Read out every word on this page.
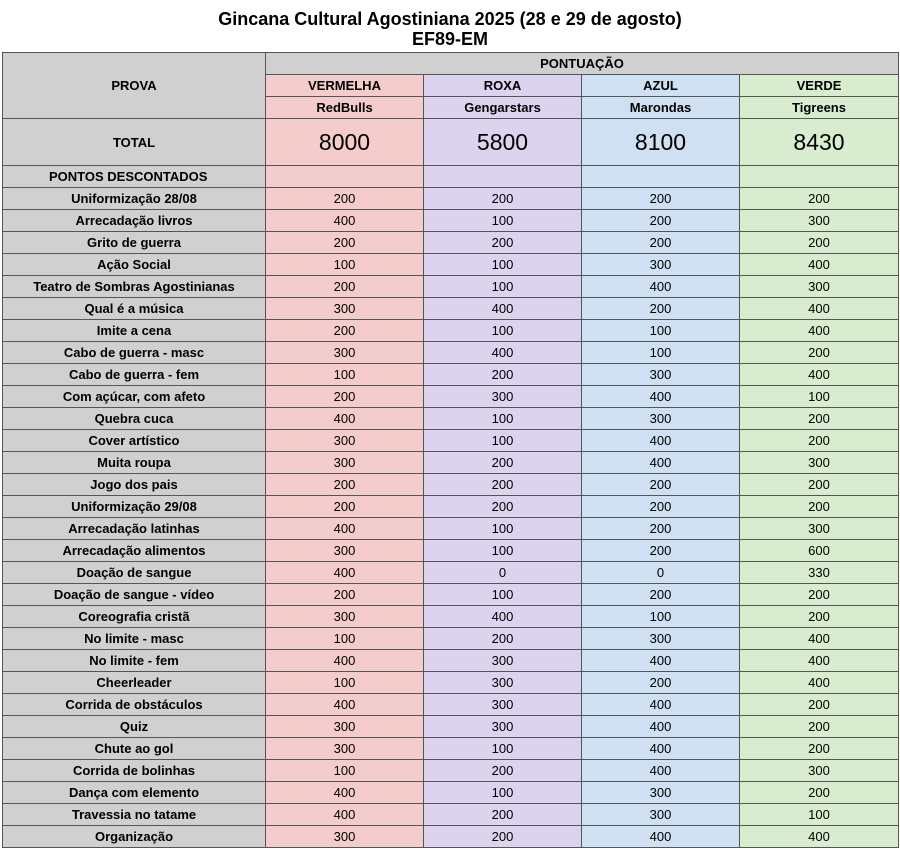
Gincana Cultural Agostiniana 2025 (28 e 29 de agosto)
EF89-EM
PROVA	PONTUAÇÃO			
	VERMELHA	ROXA	AZUL	VERDE
	RedBulls	Gengarstars	Marondas	Tigreens
TOTAL	8000	5800	8100	8430
PONTOS DESCONTADOS				
Uniformização 28/08	200	200	200	200
Arrecadação livros	400	100	200	300
Grito de guerra	200	200	200	200
Ação Social	100	100	300	400
Teatro de Sombras Agostinianas	200	100	400	300
Qual é a música	300	400	200	400
Imite a cena	200	100	100	400
Cabo de guerra - masc	300	400	100	200
Cabo de guerra - fem	100	200	300	400
Com açúcar, com afeto	200	300	400	100
Quebra cuca	400	100	300	200
Cover artístico	300	100	400	200
Muita roupa	300	200	400	300
Jogo dos pais	200	200	200	200
Uniformização 29/08	200	200	200	200
Arrecadação latinhas	400	100	200	300
Arrecadação alimentos	300	100	200	600
Doação de sangue	400	0	0	330
Doação de sangue - vídeo	200	100	200	200
Coreografia cristã	300	400	100	200
No limite - masc	100	200	300	400
No limite - fem	400	300	400	400
Cheerleader	100	300	200	400
Corrida de obstáculos	400	300	400	200
Quiz	300	300	400	200
Chute ao gol	300	100	400	200
Corrida de bolinhas	100	200	400	300
Dança com elemento	400	100	300	200
Travessia no tatame	400	200	300	100
Organização	300	200	400	400
